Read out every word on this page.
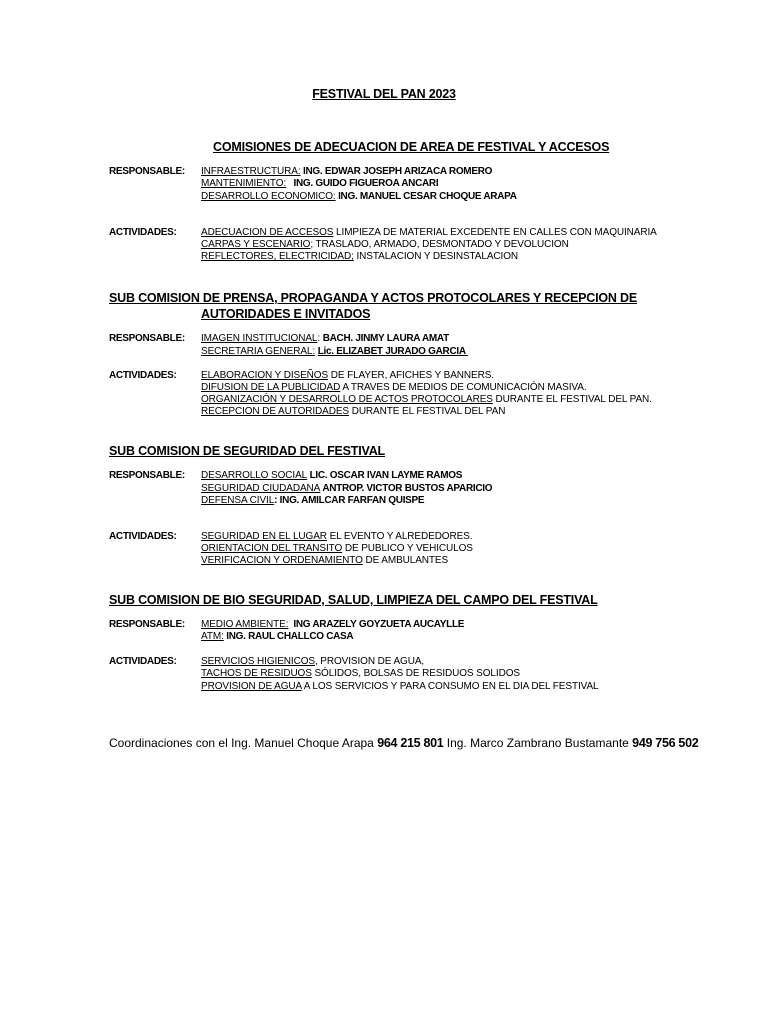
FESTIVAL DEL PAN 2023
COMISIONES DE ADECUACION DE AREA DE FESTIVAL Y ACCESOS
RESPONSABLE: INFRAESTRUCTURA: ING. EDWAR JOSEPH ARIZACA ROMERO
MANTENIMIENTO:   ING. GUIDO FIGUEROA ANCARI
DESARROLLO ECONOMICO: ING. MANUEL CESAR CHOQUE ARAPA
ACTIVIDADES: ADECUACION DE ACCESOS LIMPIEZA DE MATERIAL EXCEDENTE EN CALLES CON MAQUINARIA
CARPAS Y ESCENARIO; TRASLADO, ARMADO, DESMONTADO Y DEVOLUCION
REFLECTORES, ELECTRICIDAD; INSTALACION Y DESINSTALACION
SUB COMISION DE PRENSA, PROPAGANDA Y ACTOS PROTOCOLARES Y RECEPCION DE
AUTORIDADES E INVITADOS
RESPONSABLE: IMAGEN INSTITUCIONAL: BACH. JINMY LAURA AMAT
SECRETARIA GENERAL: Lic. ELIZABET JURADO GARCIA
ACTIVIDADES: ELABORACION Y DISEÑOS DE FLAYER, AFICHES Y BANNERS.
DIFUSION DE LA PUBLICIDAD A TRAVES DE MEDIOS DE COMUNICACIÓN MASIVA.
ORGANIZACIÓN Y DESARROLLO DE ACTOS PROTOCOLARES DURANTE EL FESTIVAL DEL PAN.
RECEPCION DE AUTORIDADES DURANTE EL FESTIVAL DEL PAN
SUB COMISION DE SEGURIDAD DEL FESTIVAL
RESPONSABLE: DESARROLLO SOCIAL LIC. OSCAR IVAN LAYME RAMOS
SEGURIDAD CIUDADANA ANTROP. VICTOR BUSTOS APARICIO
DEFENSA CIVIL: ING. AMILCAR FARFAN QUISPE
ACTIVIDADES: SEGURIDAD EN EL LUGAR EL EVENTO Y ALREDEDORES.
ORIENTACION DEL TRANSITO DE PUBLICO Y VEHICULOS
VERIFICACION Y ORDENAMIENTO DE AMBULANTES
SUB COMISION DE BIO SEGURIDAD, SALUD, LIMPIEZA DEL CAMPO DEL FESTIVAL
RESPONSABLE: MEDIO AMBIENTE:  ING ARAZELY GOYZUETA AUCAYLLE
ATM: ING. RAUL CHALLCO CASA
ACTIVIDADES: SERVICIOS HIGIENICOS, PROVISION DE AGUA,
TACHOS DE RESIDUOS SÓLIDOS, BOLSAS DE RESIDUOS SOLIDOS
PROVISION DE AGUA A LOS SERVICIOS Y PARA CONSUMO EN EL DIA DEL FESTIVAL
Coordinaciones con el Ing. Manuel Choque Arapa 964 215 801 Ing. Marco Zambrano Bustamante 949 756 502
